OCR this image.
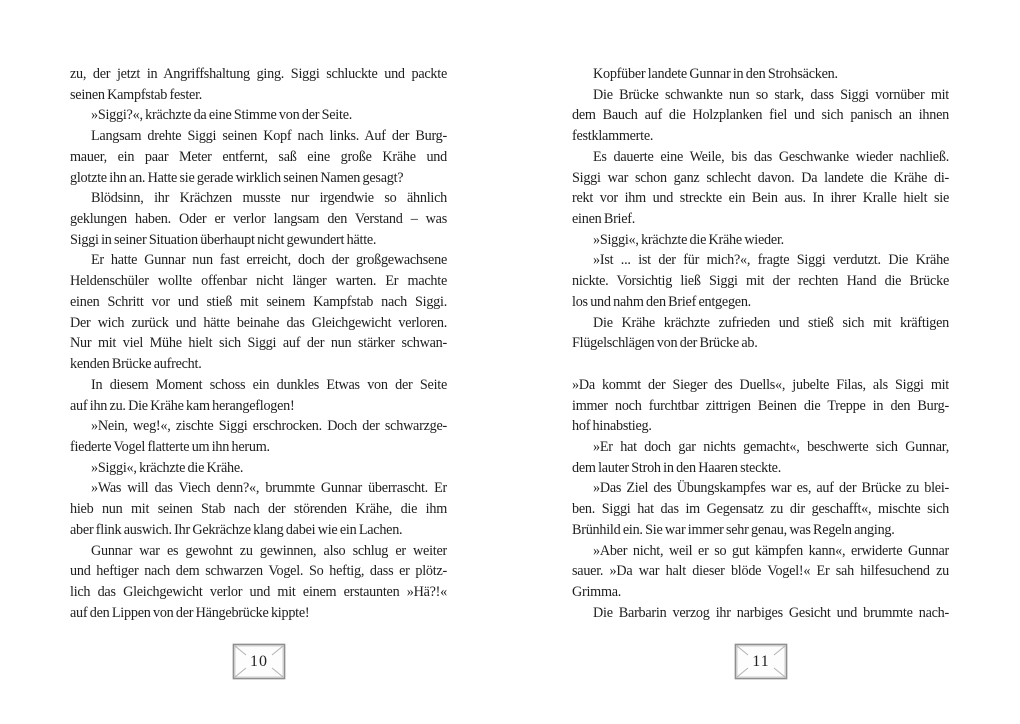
zu, der jetzt in Angriffshaltung ging. Siggi schluckte und packte
seinen Kampfstab fester.
»Siggi?«, krächzte da eine Stimme von der Seite.
Langsam drehte Siggi seinen Kopf nach links. Auf der Burg-
mauer, ein paar Meter entfernt, saß eine große Krähe und
glotzte ihn an. Hatte sie gerade wirklich seinen Namen gesagt?
Blödsinn, ihr Krächzen musste nur irgendwie so ähnlich
geklungen haben. Oder er verlor langsam den Verstand – was
Siggi in seiner Situation überhaupt nicht gewundert hätte.
Er hatte Gunnar nun fast erreicht, doch der großgewachsene
Heldenschüler wollte offenbar nicht länger warten. Er machte
einen Schritt vor und stieß mit seinem Kampfstab nach Siggi.
Der wich zurück und hätte beinahe das Gleichgewicht verloren.
Nur mit viel Mühe hielt sich Siggi auf der nun stärker schwan-
kenden Brücke aufrecht.
In diesem Moment schoss ein dunkles Etwas von der Seite
auf ihn zu. Die Krähe kam herangeflogen!
»Nein, weg!«, zischte Siggi erschrocken. Doch der schwarzge-
fiederte Vogel flatterte um ihn herum.
»Siggi«, krächzte die Krähe.
»Was will das Viech denn?«, brummte Gunnar überrascht. Er
hieb nun mit seinen Stab nach der störenden Krähe, die ihm
aber flink auswich. Ihr Gekrächze klang dabei wie ein Lachen.
Gunnar war es gewohnt zu gewinnen, also schlug er weiter
und heftiger nach dem schwarzen Vogel. So heftig, dass er plötz-
lich das Gleichgewicht verlor und mit einem erstaunten »Hä?!«
auf den Lippen von der Hängebrücke kippte!
Kopfüber landete Gunnar in den Strohsäcken.
Die Brücke schwankte nun so stark, dass Siggi vornüber mit
dem Bauch auf die Holzplanken fiel und sich panisch an ihnen
festklammerte.
Es dauerte eine Weile, bis das Geschwanke wieder nachließ.
Siggi war schon ganz schlecht davon. Da landete die Krähe di-
rekt vor ihm und streckte ein Bein aus. In ihrer Kralle hielt sie
einen Brief.
»Siggi«, krächzte die Krähe wieder.
»Ist ... ist der für mich?«, fragte Siggi verdutzt. Die Krähe
nickte. Vorsichtig ließ Siggi mit der rechten Hand die Brücke
los und nahm den Brief entgegen.
Die Krähe krächzte zufrieden und stieß sich mit kräftigen
Flügelschlägen von der Brücke ab.
»Da kommt der Sieger des Duells«, jubelte Filas, als Siggi mit
immer noch furchtbar zittrigen Beinen die Treppe in den Burg-
hof hinabstieg.
»Er hat doch gar nichts gemacht«, beschwerte sich Gunnar,
dem lauter Stroh in den Haaren steckte.
»Das Ziel des Übungskampfes war es, auf der Brücke zu blei-
ben. Siggi hat das im Gegensatz zu dir geschafft«, mischte sich
Brünhild ein. Sie war immer sehr genau, was Regeln anging.
»Aber nicht, weil er so gut kämpfen kann«, erwiderte Gunnar
sauer. »Da war halt dieser blöde Vogel!« Er sah hilfesuchend zu
Grimma.
Die Barbarin verzog ihr narbiges Gesicht und brummte nach-
10	11
